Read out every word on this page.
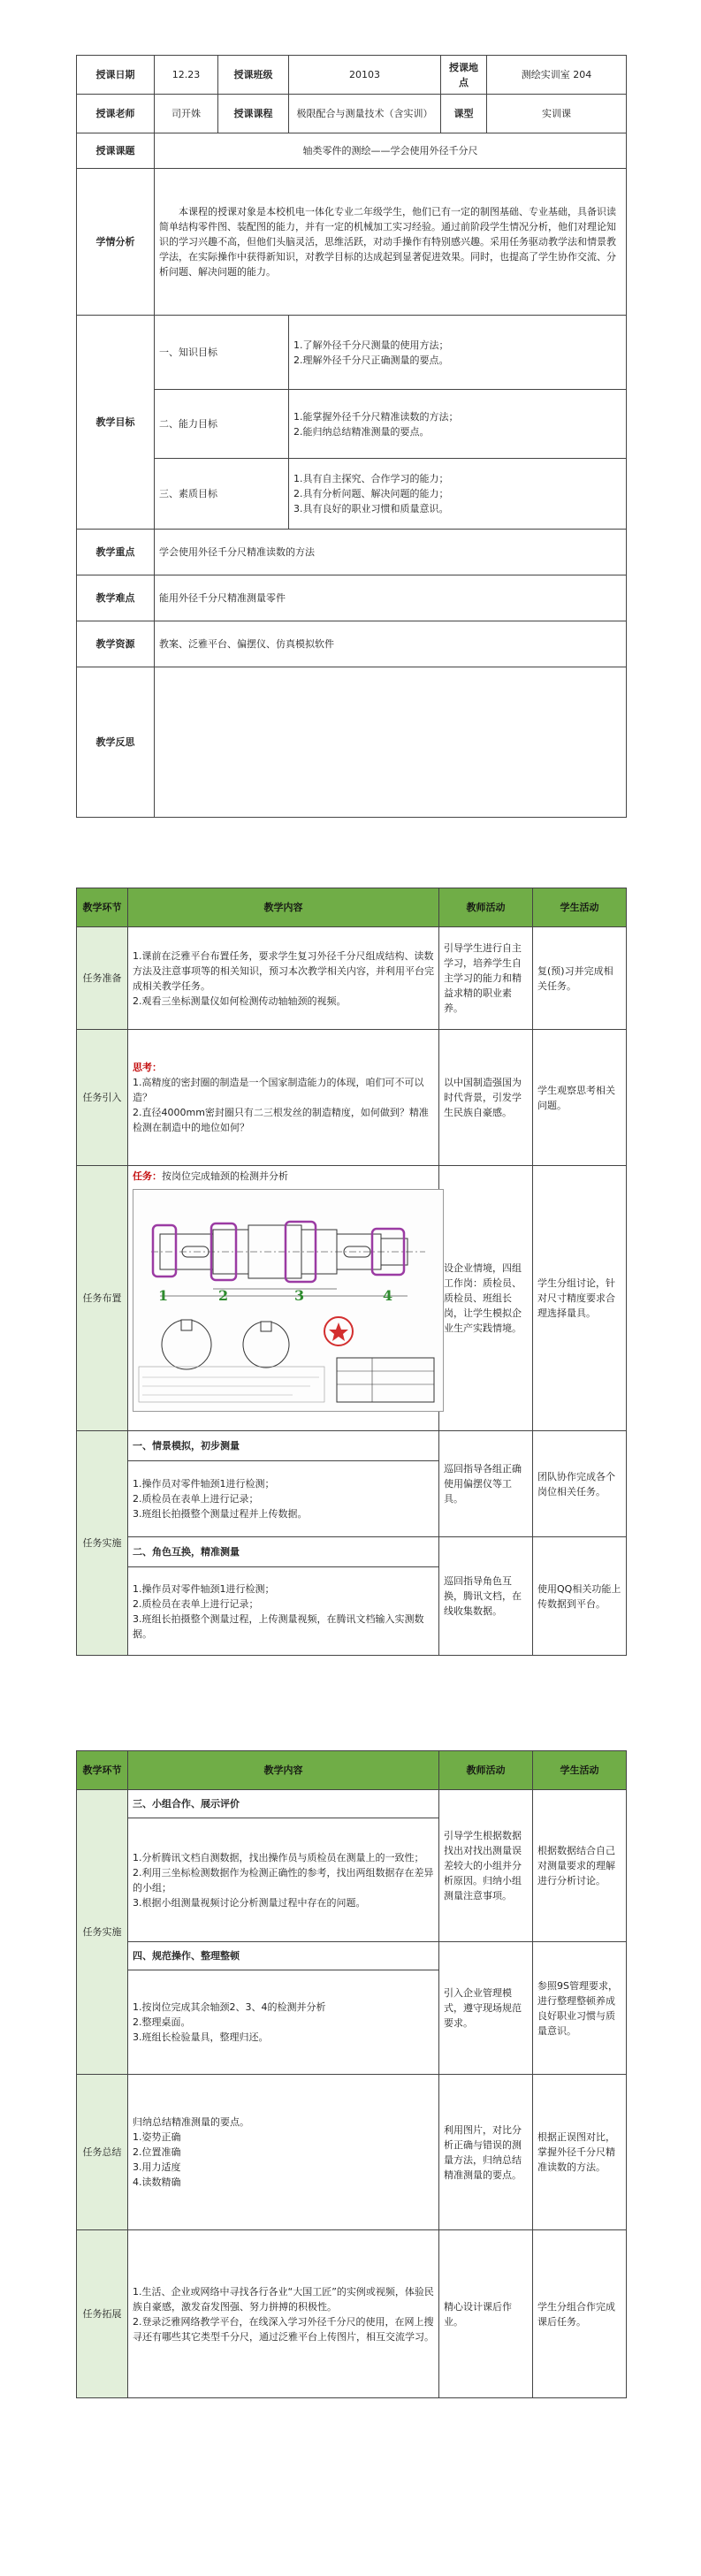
授课日期	12.23	授课班级	20103	授课地点	测绘实训室 204
授课老师	司开姝	授课课程	极限配合与测量技术（含实训）	课型	实训课
授课课题	轴类零件的测绘——学会使用外径千分尺				
学情分析	本课程的授课对象是本校机电一体化专业二年级学生，他们已有一定的制图基础、专业基础，具备识读简单结构零件图、装配图的能力，并有一定的机械加工实习经验。通过前阶段学生情况分析，他们对理论知识的学习兴趣不高，但他们头脑灵活，思维活跃，对动手操作有特别感兴趣。采用任务驱动教学法和情景教学法，在实际操作中获得新知识，对教学目标的达成起到显著促进效果。同时，也提高了学生协作交流、分析问题、解决问题的能力。				
教学目标	一、知识目标		1.了解外径千分尺测量的使用方法；
2.理解外径千分尺正确测量的要点。		

	二、能力目标		1.能掌握外径千分尺精准读数的方法；
2.能归纳总结精准测量的要点。		

	三、素质目标		1.具有自主探究、合作学习的能力；
2.具有分析问题、解决问题的能力；
3.具有良好的职业习惯和质量意识。		

教学重点	学会使用外径千分尺精准读数的方法				
教学难点	能用外径千分尺精准测量零件				
教学资源	教案、泛雅平台、偏摆仪、仿真模拟软件				
教学反思					
教学环节	教学内容	教师活动	学生活动
任务准备	1.课前在泛雅平台布置任务，要求学生复习外径千分尺组成结构、读数方法及注意事项等的相关知识，预习本次教学相关内容，并利用平台完成相关教学任务。
2.观看三坐标测量仪如何检测传动轴轴颈的视频。	引导学生进行自主学习，培养学生自主学习的能力和精益求精的职业素养。	复(预)习并完成相关任务。
任务引入	思考：
1.高精度的密封圈的制造是一个国家制造能力的体现，咱们可不可以造？
2.直径4000mm密封圈只有二三根发丝的制造精度，如何做到？精准检测在制造中的地位如何？	以中国制造强国为时代背景，引发学生民族自豪感。	学生观察思考相关问题。
任务布置	任务：按岗位完成轴颈的检测并分析
1 2 3 4	设企业情境，四组工作岗：质检员、质检员、班组长岗，让学生模拟企业生产实践情境。	学生分组讨论，针对尺寸精度要求合理选择量具。
任务实施	一、情景模拟，初步测量	巡回指导各组正确使用偏摆仪等工具。	团队协作完成各个岗位相关任务。

	1.操作员对零件轴颈1进行检测；
2.质检员在表单上进行记录；
3.班组长拍摄整个测量过程并上传数据。		

	二、角色互换，精准测量	巡回指导角色互换，腾讯文档，在线收集数据。	使用QQ相关功能上传数据到平台。

	1.操作员对零件轴颈1进行检测；
2.质检员在表单上进行记录；
3.班组长拍摄整个测量过程，上传测量视频，在腾讯文档输入实测数据。		
教学环节	教学内容	教师活动	学生活动
任务实施	三、小组合作、展示评价	引导学生根据数据找出对找出测量误差较大的小组并分析原因。归纳小组测量注意事项。	根据数据结合自己对测量要求的理解进行分析讨论。

	1.分析腾讯文档自测数据，找出操作员与质检员在测量上的一致性；
2.利用三坐标检测数据作为检测正确性的参考，找出两组数据存在差异的小组；
3.根据小组测量视频讨论分析测量过程中存在的问题。		

	四、规范操作、整理整顿	引入企业管理模式，遵守现场规范要求。	参照9S管理要求，进行整理整顿养成良好职业习惯与质量意识。

	1.按岗位完成其余轴颈2、3、4的检测并分析
2.整理桌面。
3.班组长检验量具，整理归还。		

任务总结	归纳总结精准测量的要点。
1.姿势正确
2.位置准确
3.用力适度
4.读数精确	利用图片，对比分析正确与错误的测量方法，归纳总结精准测量的要点。	根据正误图对比，掌握外径千分尺精准读数的方法。
任务拓展	1.生活、企业或网络中寻找各行各业“大国工匠”的实例或视频，体验民族自豪感，激发奋发图强、努力拼搏的积极性。
2.登录泛雅网络教学平台，在线深入学习外径千分尺的使用，在网上搜寻还有哪些其它类型千分尺，通过泛雅平台上传图片，相互交流学习。	精心设计课后作业。	学生分组合作完成课后任务。
